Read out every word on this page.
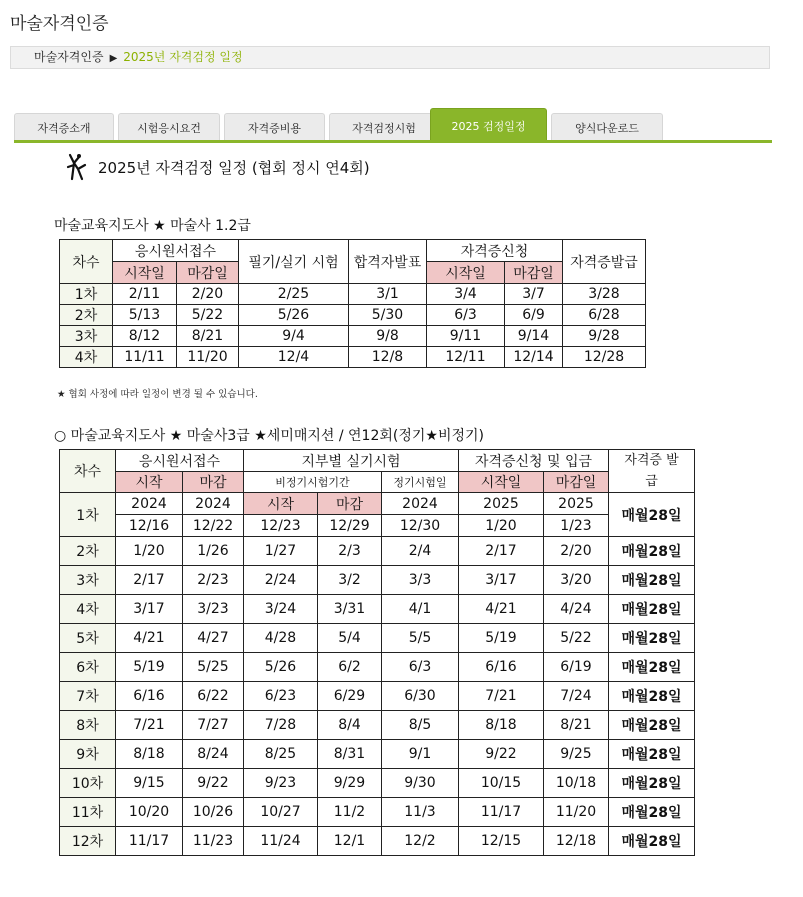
마술자격인증
마술자격인증 ▶ 2025년 자격검정 일정
자격증소개	시험응시요건	자격증비용	자격검정시험	2025 검정일정	양식다운로드
2025년 자격검정 일정 (협회 정시 연4회)
마술교육지도사 ★ 마술사 1.2급
차수	응시원서접수		필기/실기 시험	합격자발표	자격증신청		자격증발급
	시작일	마감일			시작일	마감일	
1차	2/11	2/20	2/25	3/1	3/4	3/7	3/28
2차	5/13	5/22	5/26	5/30	6/3	6/9	6/28
3차	8/12	8/21	9/4	9/8	9/11	9/14	9/28
4차	11/11	11/20	12/4	12/8	12/11	12/14	12/28
★ 협회 사정에 따라 일정이 변경 될 수 있습니다.
○ 마술교육지도사 ★ 마술사3급 ★세미매지션 / 연12회(정기★비정기)
차수	응시원서접수		지부별 실기시험			자격증신청 및 입금		자격증 발급
	시작	마감	비정기시험기간		정기시험일	시작일	마감일	
1차	2024	2024	시작	마감	2024	2025	2025	매월28일
	12/16	12/22	12/23	12/29	12/30	1/20	1/23	
2차	1/20	1/26	1/27	2/3	2/4	2/17	2/20	매월28일
3차	2/17	2/23	2/24	3/2	3/3	3/17	3/20	매월28일
4차	3/17	3/23	3/24	3/31	4/1	4/21	4/24	매월28일
5차	4/21	4/27	4/28	5/4	5/5	5/19	5/22	매월28일
6차	5/19	5/25	5/26	6/2	6/3	6/16	6/19	매월28일
7차	6/16	6/22	6/23	6/29	6/30	7/21	7/24	매월28일
8차	7/21	7/27	7/28	8/4	8/5	8/18	8/21	매월28일
9차	8/18	8/24	8/25	8/31	9/1	9/22	9/25	매월28일
10차	9/15	9/22	9/23	9/29	9/30	10/15	10/18	매월28일
11차	10/20	10/26	10/27	11/2	11/3	11/17	11/20	매월28일
12차	11/17	11/23	11/24	12/1	12/2	12/15	12/18	매월28일
